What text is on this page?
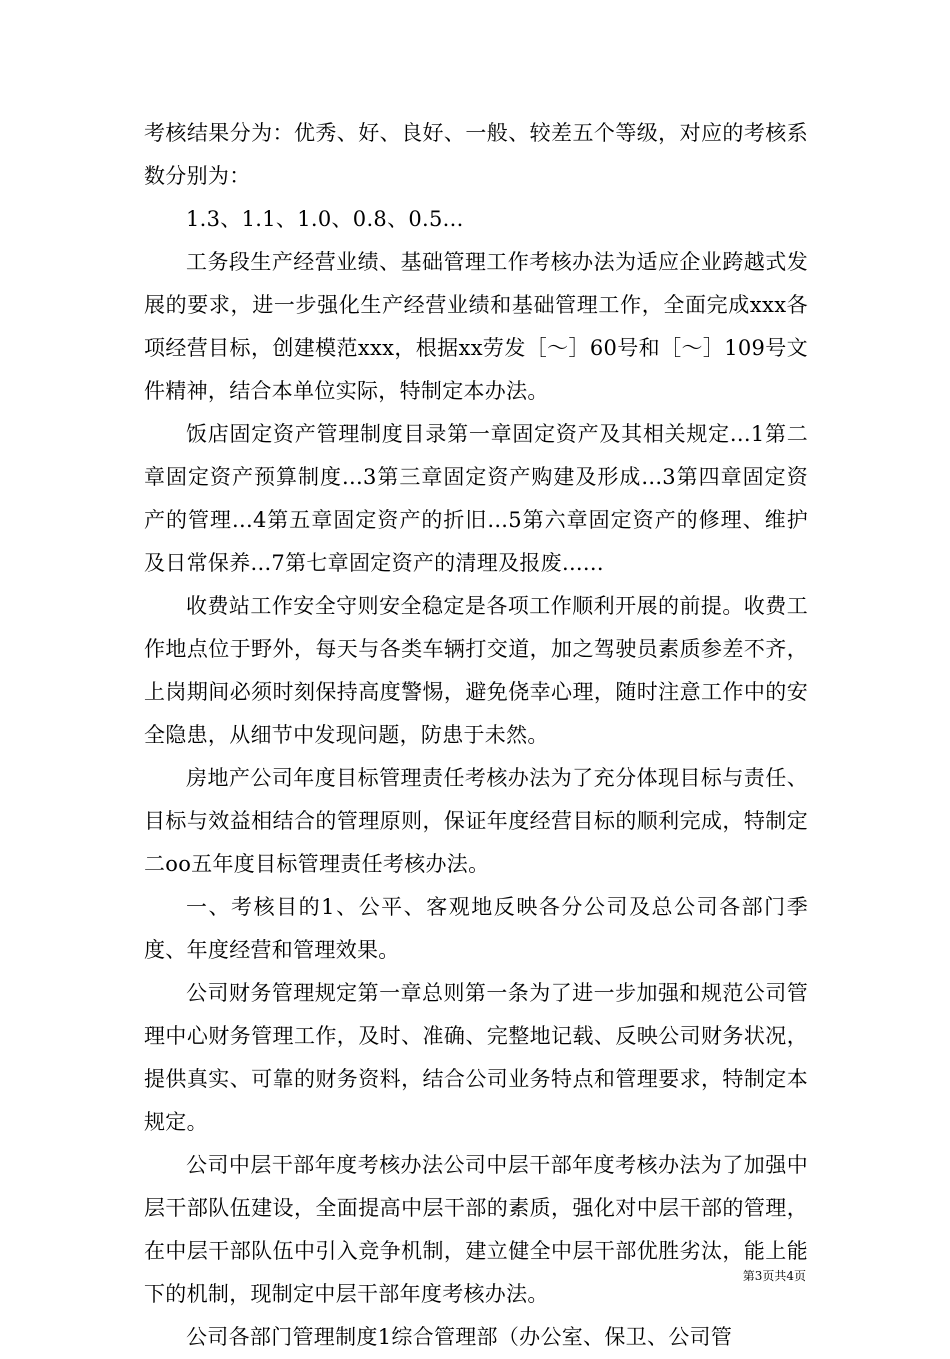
考核结果分为：优秀、好、良好、一般、较差五个等级，对应的考核系数分别为：

1.3、1.1、1.0、0.8、0.5...

工务段生产经营业绩、基础管理工作考核办法为适应企业跨越式发展的要求，进一步强化生产经营业绩和基础管理工作，全面完成xxx各项经营目标，创建模范xxx，根据xx劳发［～］60号和［～］109号文件精神，结合本单位实际，特制定本办法。

饭店固定资产管理制度目录第一章固定资产及其相关规定...1第二章固定资产预算制度...3第三章固定资产购建及形成...3第四章固定资产的管理...4第五章固定资产的折旧...5第六章固定资产的修理、维护及日常保养...7第七章固定资产的清理及报废......

收费站工作安全守则安全稳定是各项工作顺利开展的前提。收费工作地点位于野外，每天与各类车辆打交道，加之驾驶员素质参差不齐，上岗期间必须时刻保持高度警惕，避免侥幸心理，随时注意工作中的安全隐患，从细节中发现问题，防患于未然。

房地产公司年度目标管理责任考核办法为了充分体现目标与责任、目标与效益相结合的管理原则，保证年度经营目标的顺利完成，特制定二oo五年度目标管理责任考核办法。

一、考核目的1、公平、客观地反映各分公司及总公司各部门季度、年度经营和管理效果。

公司财务管理规定第一章总则第一条为了进一步加强和规范公司管理中心财务管理工作，及时、准确、完整地记载、反映公司财务状况，提供真实、可靠的财务资料，结合公司业务特点和管理要求，特制定本规定。

公司中层干部年度考核办法公司中层干部年度考核办法为了加强中层干部队伍建设，全面提高中层干部的素质，强化对中层干部的管理，在中层干部队伍中引入竞争机制，建立健全中层干部优胜劣汰，能上能下的机制，现制定中层干部年度考核办法。

公司各部门管理制度1综合管理部（办公室、保卫、公司管

第3页共4页
